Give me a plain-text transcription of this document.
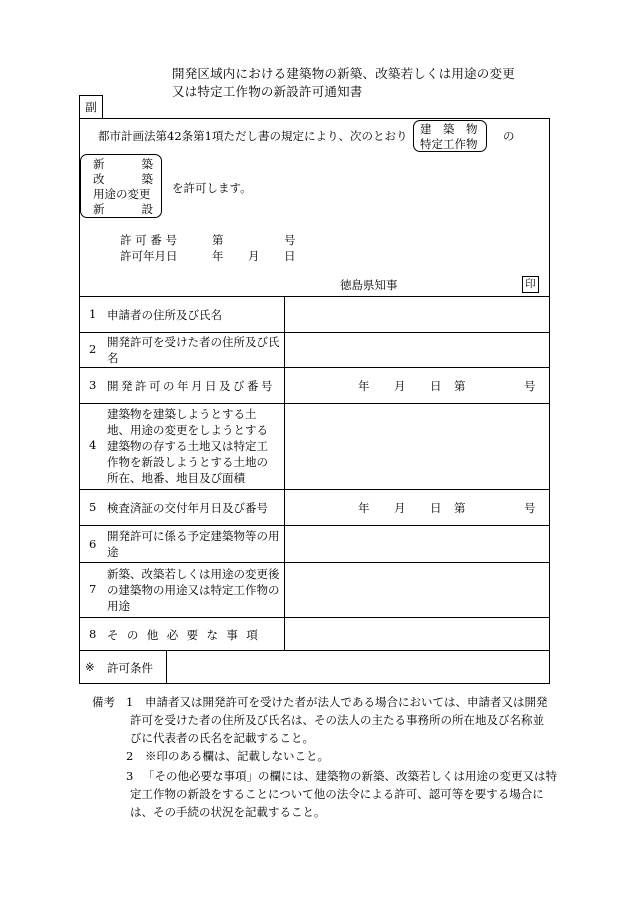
開発区域内における建築物の新築、改築若しくは用途の変更
又は特定工作物の新設許可通知書
副
都市計画法第42条第1項ただし書の規定により、次のとおり 建　築　物
特定工作物
の
新	築
改	築
用途の変更
新	設
を許可します。
許 可 番 号	第	号
許可年月日	年 月 日
徳島県知事	印
1 申請者の住所及び氏名
2 開発許可を受けた者の住所及び氏名
3 開発許可の年月日及び番号	年 月 日 第	号
4
建築物を建築しようとする土
地、用途の変更をしようとする
建築物の存する土地又は特定工
作物を新設しようとする土地の
所在、地番、地目及び面積
5 検査済証の交付年月日及び番号	年 月 日 第	号
6
開発許可に係る予定建築物等の用途
7
新築、改築若しくは用途の変更後の建築物の用途又は特定工作物の用途
8 その他必要な事項
※ 許可条件
備考 1 申請者又は開発許可を受けた者が法人である場合においては、申請者又は開発
許可を受けた者の住所及び氏名は、その法人の主たる事務所の所在地及び名称並
びに代表者の氏名を記載すること。
2 ※印のある欄は、記載しないこと。
3 「その他必要な事項」の欄には、建築物の新築、改築若しくは用途の変更又は特
定工作物の新設をすることについて他の法令による許可、認可等を要する場合に
は、その手続の状況を記載すること。
